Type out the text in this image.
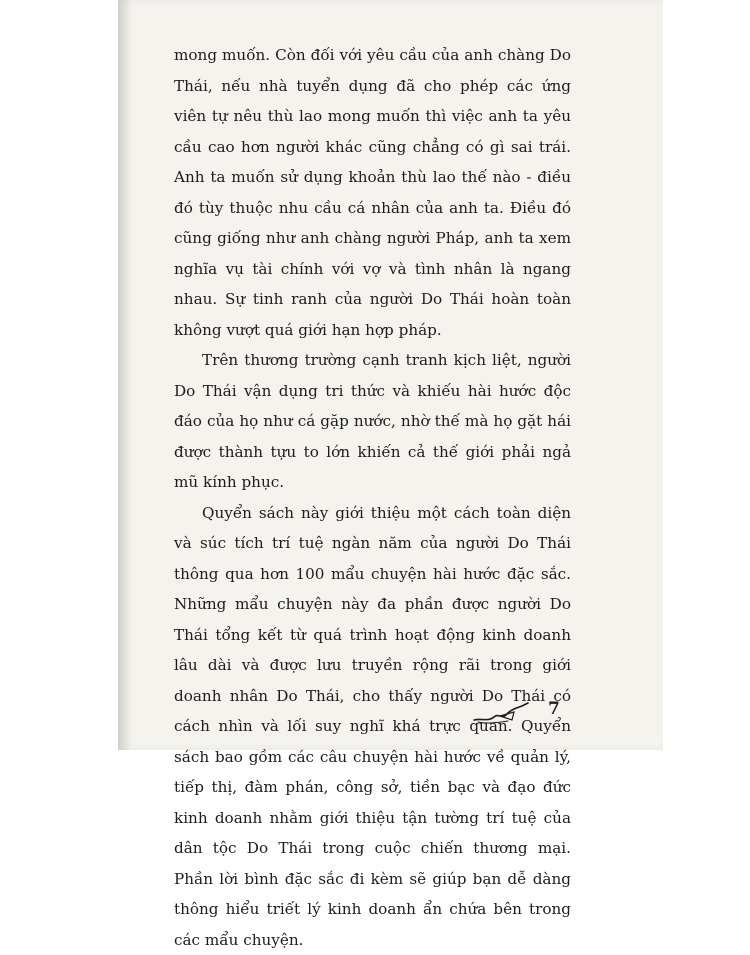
mong muốn. Còn đối với yêu cầu của anh chàng Do Thái, nếu nhà tuyển dụng đã cho phép các ứng viên tự nêu thù lao mong muốn thì việc anh ta yêu cầu cao hơn người khác cũng chẳng có gì sai trái. Anh ta muốn sử dụng khoản thù lao thế nào - điều đó tùy thuộc nhu cầu cá nhân của anh ta. Điều đó cũng giống như anh chàng người Pháp, anh ta xem nghĩa vụ tài chính với vợ và tình nhân là ngang nhau. Sự tinh ranh của người Do Thái hoàn toàn không vượt quá giới hạn hợp pháp.

Trên thương trường cạnh tranh kịch liệt, người Do Thái vận dụng tri thức và khiếu hài hước độc đáo của họ như cá gặp nước, nhờ thế mà họ gặt hái được thành tựu to lớn khiến cả thế giới phải ngả mũ kính phục.

Quyển sách này giới thiệu một cách toàn diện và súc tích trí tuệ ngàn năm của người Do Thái thông qua hơn 100 mẩu chuyện hài hước đặc sắc. Những mẩu chuyện này đa phần được người Do Thái tổng kết từ quá trình hoạt động kinh doanh lâu dài và được lưu truyền rộng rãi trong giới doanh nhân Do Thái, cho thấy người Do Thái có cách nhìn và lối suy nghĩ khá trực quan. Quyển sách bao gồm các câu chuyện hài hước về quản lý, tiếp thị, đàm phán, công sở, tiền bạc và đạo đức kinh doanh nhằm giới thiệu tận tường trí tuệ của dân tộc Do Thái trong cuộc chiến thương mại. Phần lời bình đặc sắc đi kèm sẽ giúp bạn dễ dàng thông hiểu triết lý kinh doanh ẩn chứa bên trong các mẩu chuyện.

7
